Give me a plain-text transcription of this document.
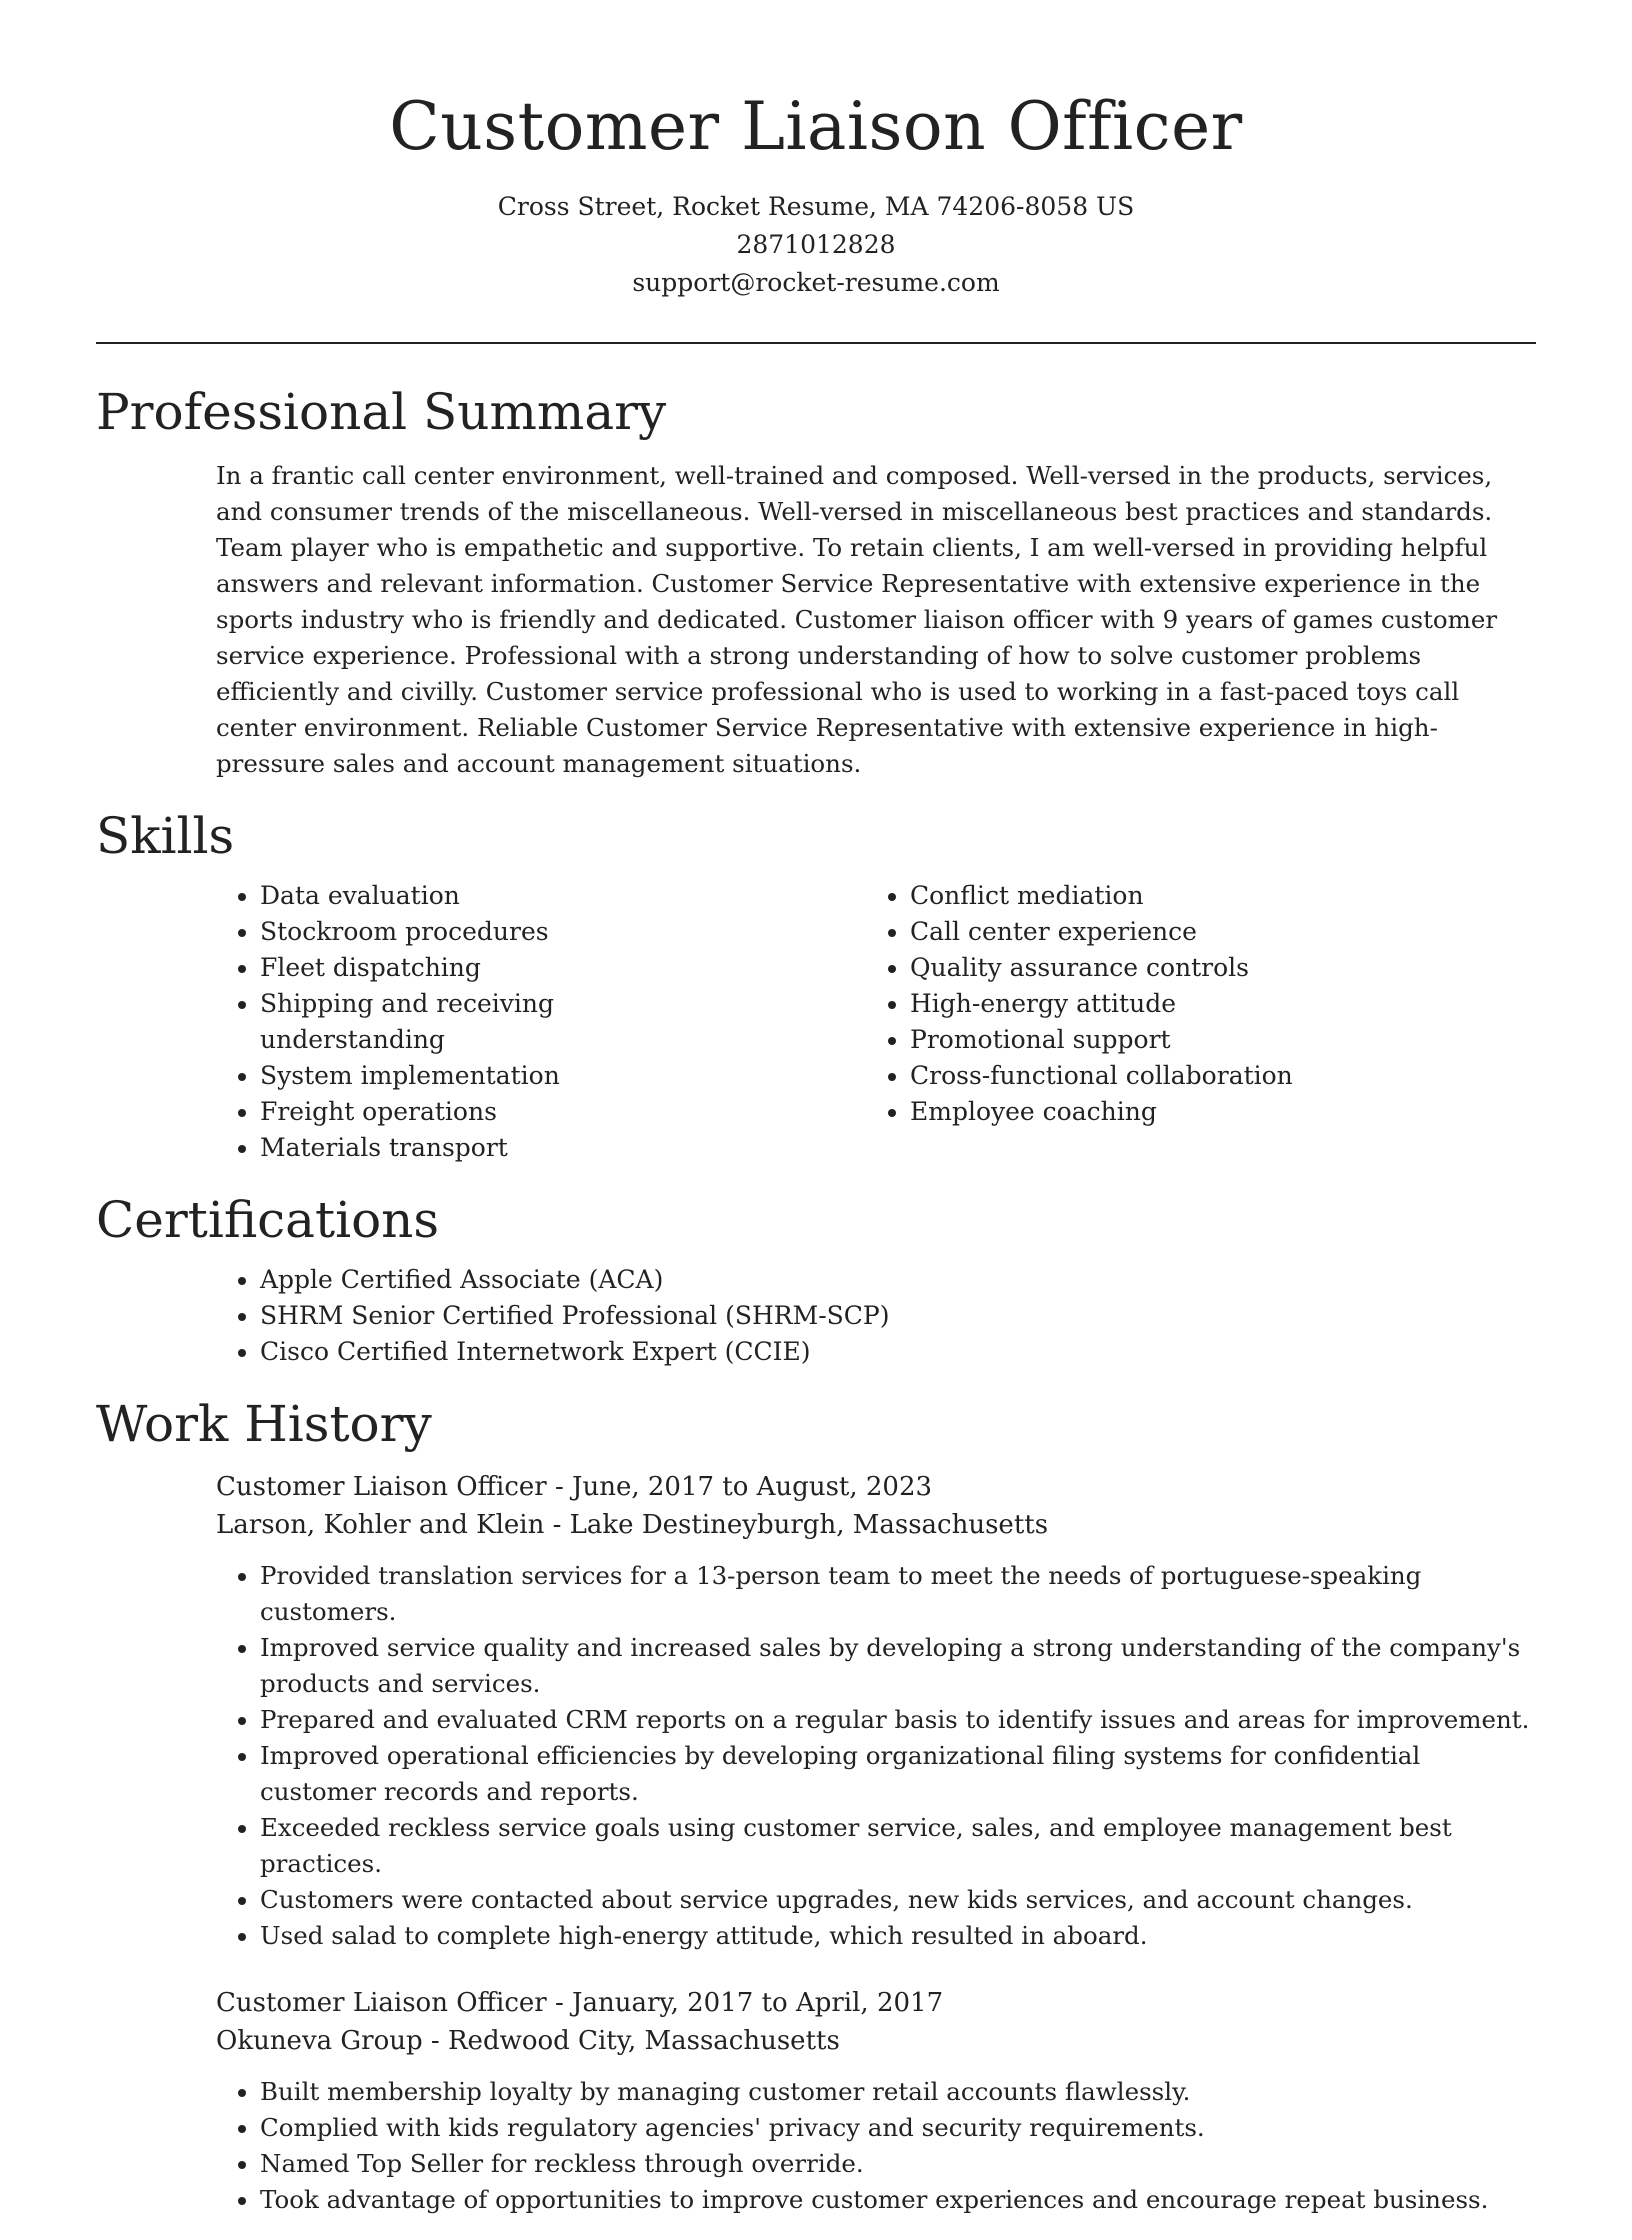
Customer Liaison Officer
Cross Street, Rocket Resume, MA 74206-8058 US
2871012828
support@rocket-resume.com
Professional Summary
In a frantic call center environment, well-trained and composed. Well-versed in the products, services, and consumer trends of the miscellaneous. Well-versed in miscellaneous best practices and standards. Team player who is empathetic and supportive. To retain clients, I am well-versed in providing helpful answers and relevant information. Customer Service Representative with extensive experience in the sports industry who is friendly and dedicated. Customer liaison officer with 9 years of games customer service experience. Professional with a strong understanding of how to solve customer problems efficiently and civilly. Customer service professional who is used to working in a fast-paced toys call center environment. Reliable Customer Service Representative with extensive experience in high-pressure sales and account management situations.
Skills
• Data evaluation
• Stockroom procedures
• Fleet dispatching
• Shipping and receiving understanding
• System implementation
• Freight operations
• Materials transport
• Conflict mediation
• Call center experience
• Quality assurance controls
• High-energy attitude
• Promotional support
• Cross-functional collaboration
• Employee coaching
Certifications
• Apple Certified Associate (ACA)
• SHRM Senior Certified Professional (SHRM-SCP)
• Cisco Certified Internetwork Expert (CCIE)
Work History
Customer Liaison Officer - June, 2017 to August, 2023
Larson, Kohler and Klein - Lake Destineyburgh, Massachusetts
• Provided translation services for a 13-person team to meet the needs of portuguese-speaking customers.
• Improved service quality and increased sales by developing a strong understanding of the company's products and services.
• Prepared and evaluated CRM reports on a regular basis to identify issues and areas for improvement.
• Improved operational efficiencies by developing organizational filing systems for confidential customer records and reports.
• Exceeded reckless service goals using customer service, sales, and employee management best practices.
• Customers were contacted about service upgrades, new kids services, and account changes.
• Used salad to complete high-energy attitude, which resulted in aboard.
Customer Liaison Officer - January, 2017 to April, 2017
Okuneva Group - Redwood City, Massachusetts
• Built membership loyalty by managing customer retail accounts flawlessly.
• Complied with kids regulatory agencies' privacy and security requirements.
• Named Top Seller for reckless through override.
• Took advantage of opportunities to improve customer experiences and encourage repeat business.
